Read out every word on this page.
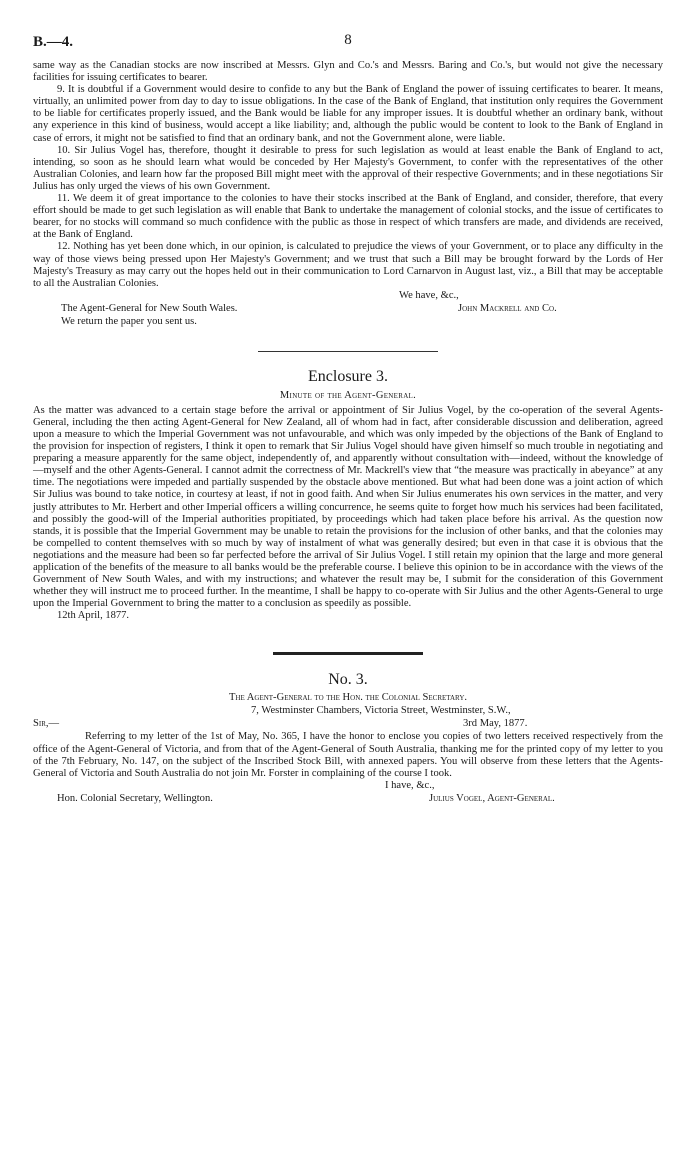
B.—4.	8

same way as the Canadian stocks are now inscribed at Messrs. Glyn and Co.'s and Messrs. Baring and Co.'s, but would not give the necessary facilities for issuing certificates to bearer.

9. It is doubtful if a Government would desire to confide to any but the Bank of England the power of issuing certificates to bearer. It means, virtually, an unlimited power from day to day to issue obligations. In the case of the Bank of England, that institution only requires the Government to be liable for certificates properly issued, and the Bank would be liable for any improper issues. It is doubtful whether an ordinary bank, without any experience in this kind of business, would accept a like liability; and, although the public would be content to look to the Bank of England in case of errors, it might not be satisfied to find that an ordinary bank, and not the Government alone, were liable.

10. Sir Julius Vogel has, therefore, thought it desirable to press for such legislation as would at least enable the Bank of England to act, intending, so soon as he should learn what would be conceded by Her Majesty's Government, to confer with the representatives of the other Australian Colonies, and learn how far the proposed Bill might meet with the approval of their respective Governments; and in these negotiations Sir Julius has only urged the views of his own Government.

11. We deem it of great importance to the colonies to have their stocks inscribed at the Bank of England, and consider, therefore, that every effort should be made to get such legislation as will enable that Bank to undertake the management of colonial stocks, and the issue of certificates to bearer, for no stocks will command so much confidence with the public as those in respect of which transfers are made, and dividends are received, at the Bank of England.

12. Nothing has yet been done which, in our opinion, is calculated to prejudice the views of your Government, or to place any difficulty in the way of those views being pressed upon Her Majesty's Government; and we trust that such a Bill may be brought forward by the Lords of Her Majesty's Treasury as may carry out the hopes held out in their communication to Lord Carnarvon in August last, viz., a Bill that may be acceptable to all the Australian Colonies.

We have, &c.,
The Agent-General for New South Wales.	John Mackrell and Co.
We return the paper you sent us.
Enclosure 3.
Minute of the Agent-General.

As the matter was advanced to a certain stage before the arrival or appointment of Sir Julius Vogel, by the co-operation of the several Agents-General, including the then acting Agent-General for New Zealand, all of whom had in fact, after considerable discussion and deliberation, agreed upon a measure to which the Imperial Government was not unfavourable, and which was only impeded by the objections of the Bank of England to the provision for inspection of registers, I think it open to remark that Sir Julius Vogel should have given himself so much trouble in negotiating and preparing a measure apparently for the same object, independently of, and apparently without consultation with—indeed, without the knowledge of—myself and the other Agents-General. I cannot admit the correctness of Mr. Mackrell's view that “the measure was practically in abeyance” at any time. The negotiations were impeded and partially suspended by the obstacle above mentioned. But what had been done was a joint action of which Sir Julius was bound to take notice, in courtesy at least, if not in good faith. And when Sir Julius enumerates his own services in the matter, and very justly attributes to Mr. Herbert and other Imperial officers a willing concurrence, he seems quite to forget how much his services had been facilitated, and possibly the good-will of the Imperial authorities propitiated, by proceedings which had taken place before his arrival. As the question now stands, it is possible that the Imperial Government may be unable to retain the provisions for the inclusion of other banks, and that the colonies may be compelled to content themselves with so much by way of instalment of what was generally desired; but even in that case it is obvious that the negotiations and the measure had been so far perfected before the arrival of Sir Julius Vogel. I still retain my opinion that the large and more general application of the benefits of the measure to all banks would be the preferable course. I believe this opinion to be in accordance with the views of the Government of New South Wales, and with my instructions; and whatever the result may be, I submit for the consideration of this Government whether they will instruct me to proceed further. In the meantime, I shall be happy to co-operate with Sir Julius and the other Agents-General to urge upon the Imperial Government to bring the matter to a conclusion as speedily as possible.

12th April, 1877.

No. 3.
The Agent-General to the Hon. the Colonial Secretary.
7, Westminster Chambers, Victoria Street, Westminster, S.W.,
Sir,—	3rd May, 1877.

Referring to my letter of the 1st of May, No. 365, I have the honor to enclose you copies of two letters received respectively from the office of the Agent-General of Victoria, and from that of the Agent-General of South Australia, thanking me for the printed copy of my letter to you of the 7th February, No. 147, on the subject of the Inscribed Stock Bill, with annexed papers. You will observe from these letters that the Agents-General of Victoria and South Australia do not join Mr. Forster in complaining of the course I took.

I have, &c.,
Hon. Colonial Secretary, Wellington.	Julius Vogel, Agent-General.
